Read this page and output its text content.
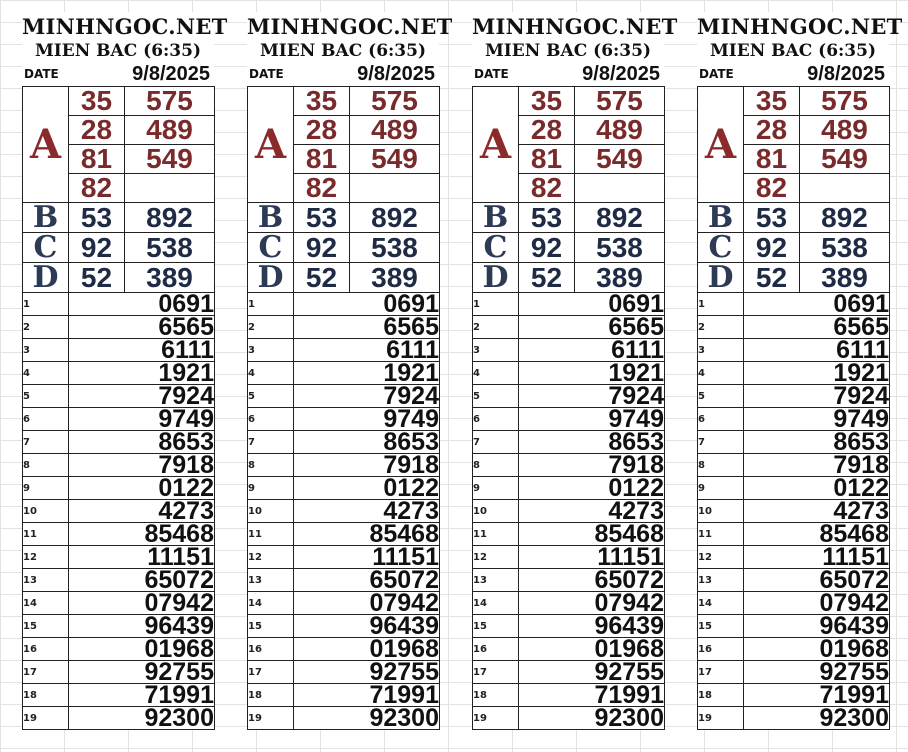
MINHNGOC.NET
MIEN BAC (6:35)
DATE	9/8/2025
A	35	575
	28	489
	81	549
	82	
B	53	892
C	92	538
D	52	389
1	0691	
2	6565	
3	6111	
4	1921	
5	7924	
6	9749	
7	8653	
8	7918	
9	0122	
10	4273	
11	85468	
12	11151	
13	65072	
14	07942	
15	96439	
16	01968	
17	92755	
18	71991	
19	92300	
MINHNGOC.NET
MIEN BAC (6:35)
DATE	9/8/2025
A	35	575
	28	489
	81	549
	82	
B	53	892
C	92	538
D	52	389
1	0691	
2	6565	
3	6111	
4	1921	
5	7924	
6	9749	
7	8653	
8	7918	
9	0122	
10	4273	
11	85468	
12	11151	
13	65072	
14	07942	
15	96439	
16	01968	
17	92755	
18	71991	
19	92300	
MINHNGOC.NET
MIEN BAC (6:35)
DATE	9/8/2025
A	35	575
	28	489
	81	549
	82	
B	53	892
C	92	538
D	52	389
1	0691	
2	6565	
3	6111	
4	1921	
5	7924	
6	9749	
7	8653	
8	7918	
9	0122	
10	4273	
11	85468	
12	11151	
13	65072	
14	07942	
15	96439	
16	01968	
17	92755	
18	71991	
19	92300	
MINHNGOC.NET
MIEN BAC (6:35)
DATE	9/8/2025
A	35	575
	28	489
	81	549
	82	
B	53	892
C	92	538
D	52	389
1	0691	
2	6565	
3	6111	
4	1921	
5	7924	
6	9749	
7	8653	
8	7918	
9	0122	
10	4273	
11	85468	
12	11151	
13	65072	
14	07942	
15	96439	
16	01968	
17	92755	
18	71991	
19	92300	
